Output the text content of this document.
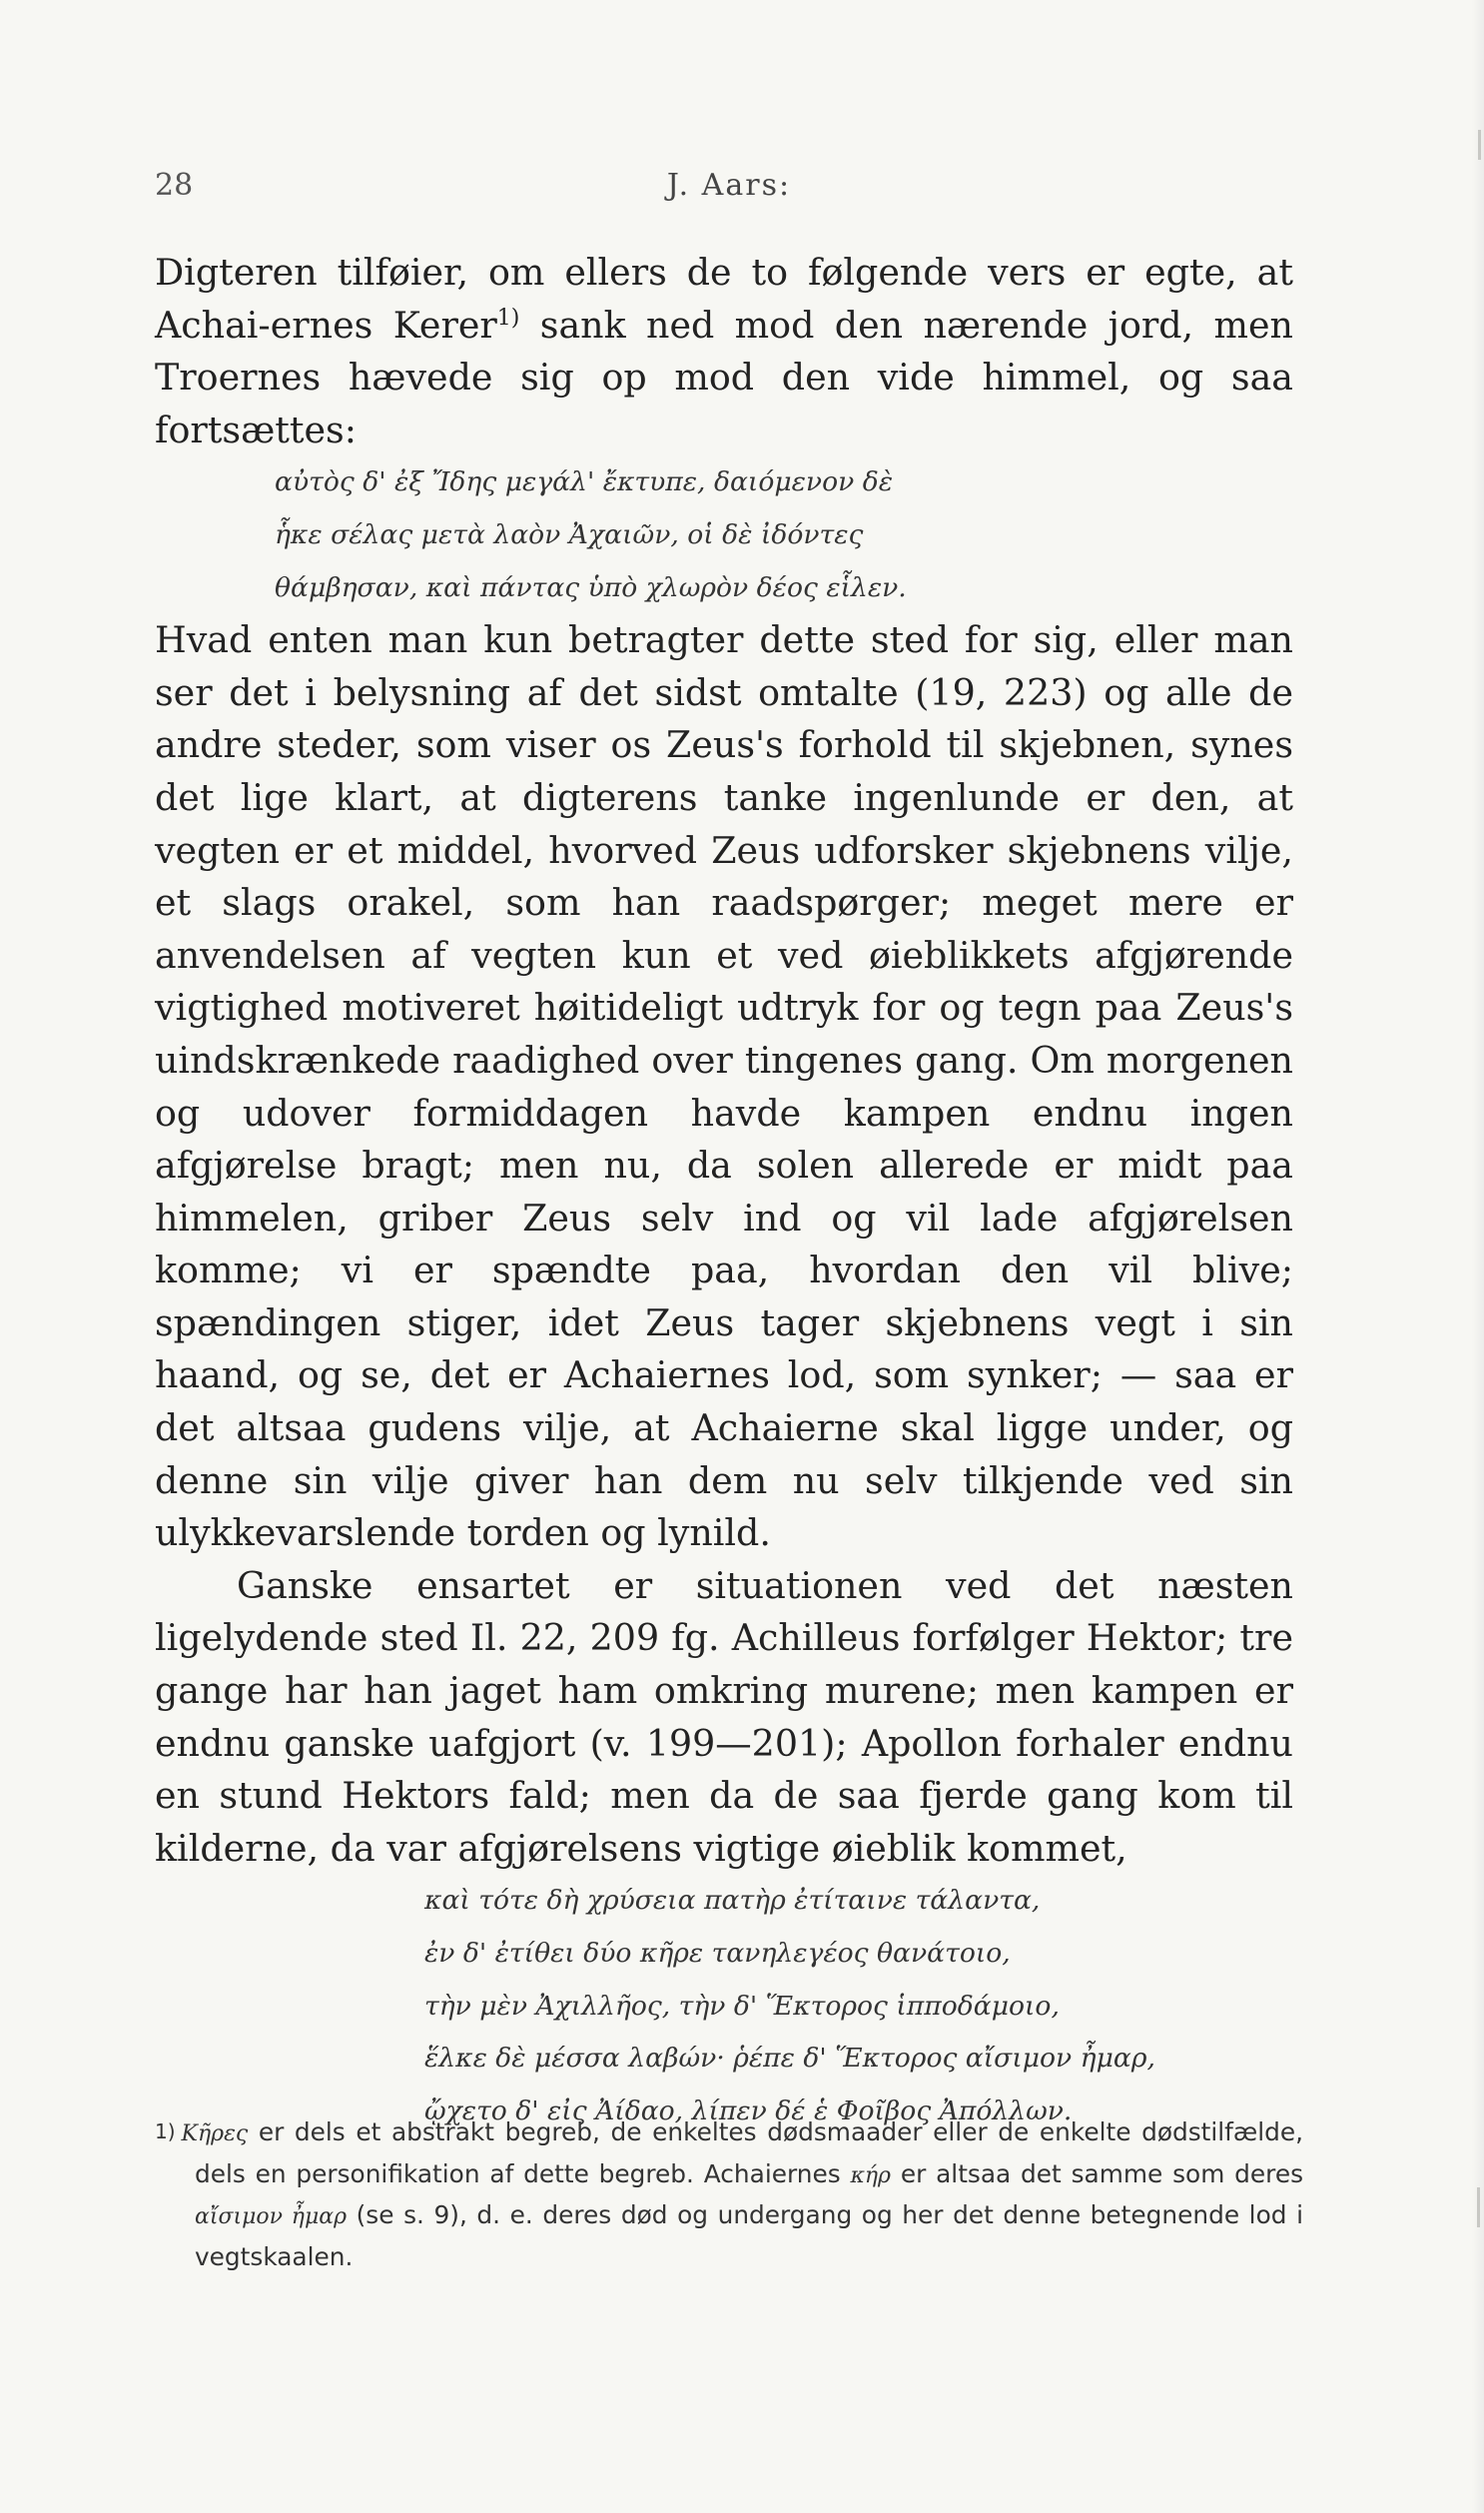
28	J. Aars:

Digteren tilføier, om ellers de to følgende vers er egte, at Achai-ernes Kerer$^{1)}$ sank ned mod den nærende jord, men Troernes hævede sig op mod den vide himmel, og saa fortsættes:

αὐτὸς δ' ἐξ Ἴδης μεγάλ' ἔκτυπε, δαιόμενον δὲ
ἧκε σέλας μετὰ λαὸν Ἀχαιῶν, οἱ δὲ ἰδόντες
θάμβησαν, καὶ πάντας ὑπὸ χλωρὸν δέος εἷλεν.

Hvad enten man kun betragter dette sted for sig, eller man ser det i belysning af det sidst omtalte (19, 223) og alle de andre steder, som viser os Zeus's forhold til skjebnen, synes det lige klart, at digterens tanke ingenlunde er den, at vegten er et middel, hvorved Zeus udforsker skjebnens vilje, et slags orakel, som han raadspørger; meget mere er anvendelsen af vegten kun et ved øieblikkets afgjørende vigtighed motiveret høitideligt udtryk for og tegn paa Zeus's uindskrænkede raadighed over tingenes gang. Om morgenen og udover formiddagen havde kampen endnu ingen afgjørelse bragt; men nu, da solen allerede er midt paa himmelen, griber Zeus selv ind og vil lade afgjørelsen komme; vi er spændte paa, hvordan den vil blive; spændingen stiger, idet Zeus tager skjebnens vegt i sin haand, og se, det er Achaiernes lod, som synker; — saa er det altsaa gudens vilje, at Achaierne skal ligge under, og denne sin vilje giver han dem nu selv tilkjende ved sin ulykkevarslende torden og lynild.

Ganske ensartet er situationen ved det næsten ligelydende sted Il. 22, 209 fg. Achilleus forfølger Hektor; tre gange har han jaget ham omkring murene; men kampen er endnu ganske uafgjort (v. 199—201); Apollon forhaler endnu en stund Hektors fald; men da de saa fjerde gang kom til kilderne, da var afgjørelsens vigtige øieblik kommet,

καὶ τότε δὴ χρύσεια πατὴρ ἐτίταινε τάλαντα,
ἐν δ' ἐτίθει δύο κῆρε τανηλεγέος θανάτοιο,
τὴν μὲν Ἀχιλλῆος, τὴν δ' Ἕκτορος ἱπποδάμοιο,
ἕλκε δὲ μέσσα λαβών· ῥέπε δ' Ἕκτορος αἴσιμον ἦμαρ,
ᾤχετο δ' εἰς Ἀίδαο, λίπεν δέ ἑ Φοῖβος Ἀπόλλων.

$^{1)}$ Κῆρες er dels et abstrakt begreb, de enkeltes dødsmaader eller de enkelte dødstilfælde, dels en personifikation af dette begreb. Achaiernes κήρ er altsaa det samme som deres αἴσιμον ἦμαρ (se s. 9), d. e. deres død og undergang og her det denne betegnende lod i vegtskaalen.
